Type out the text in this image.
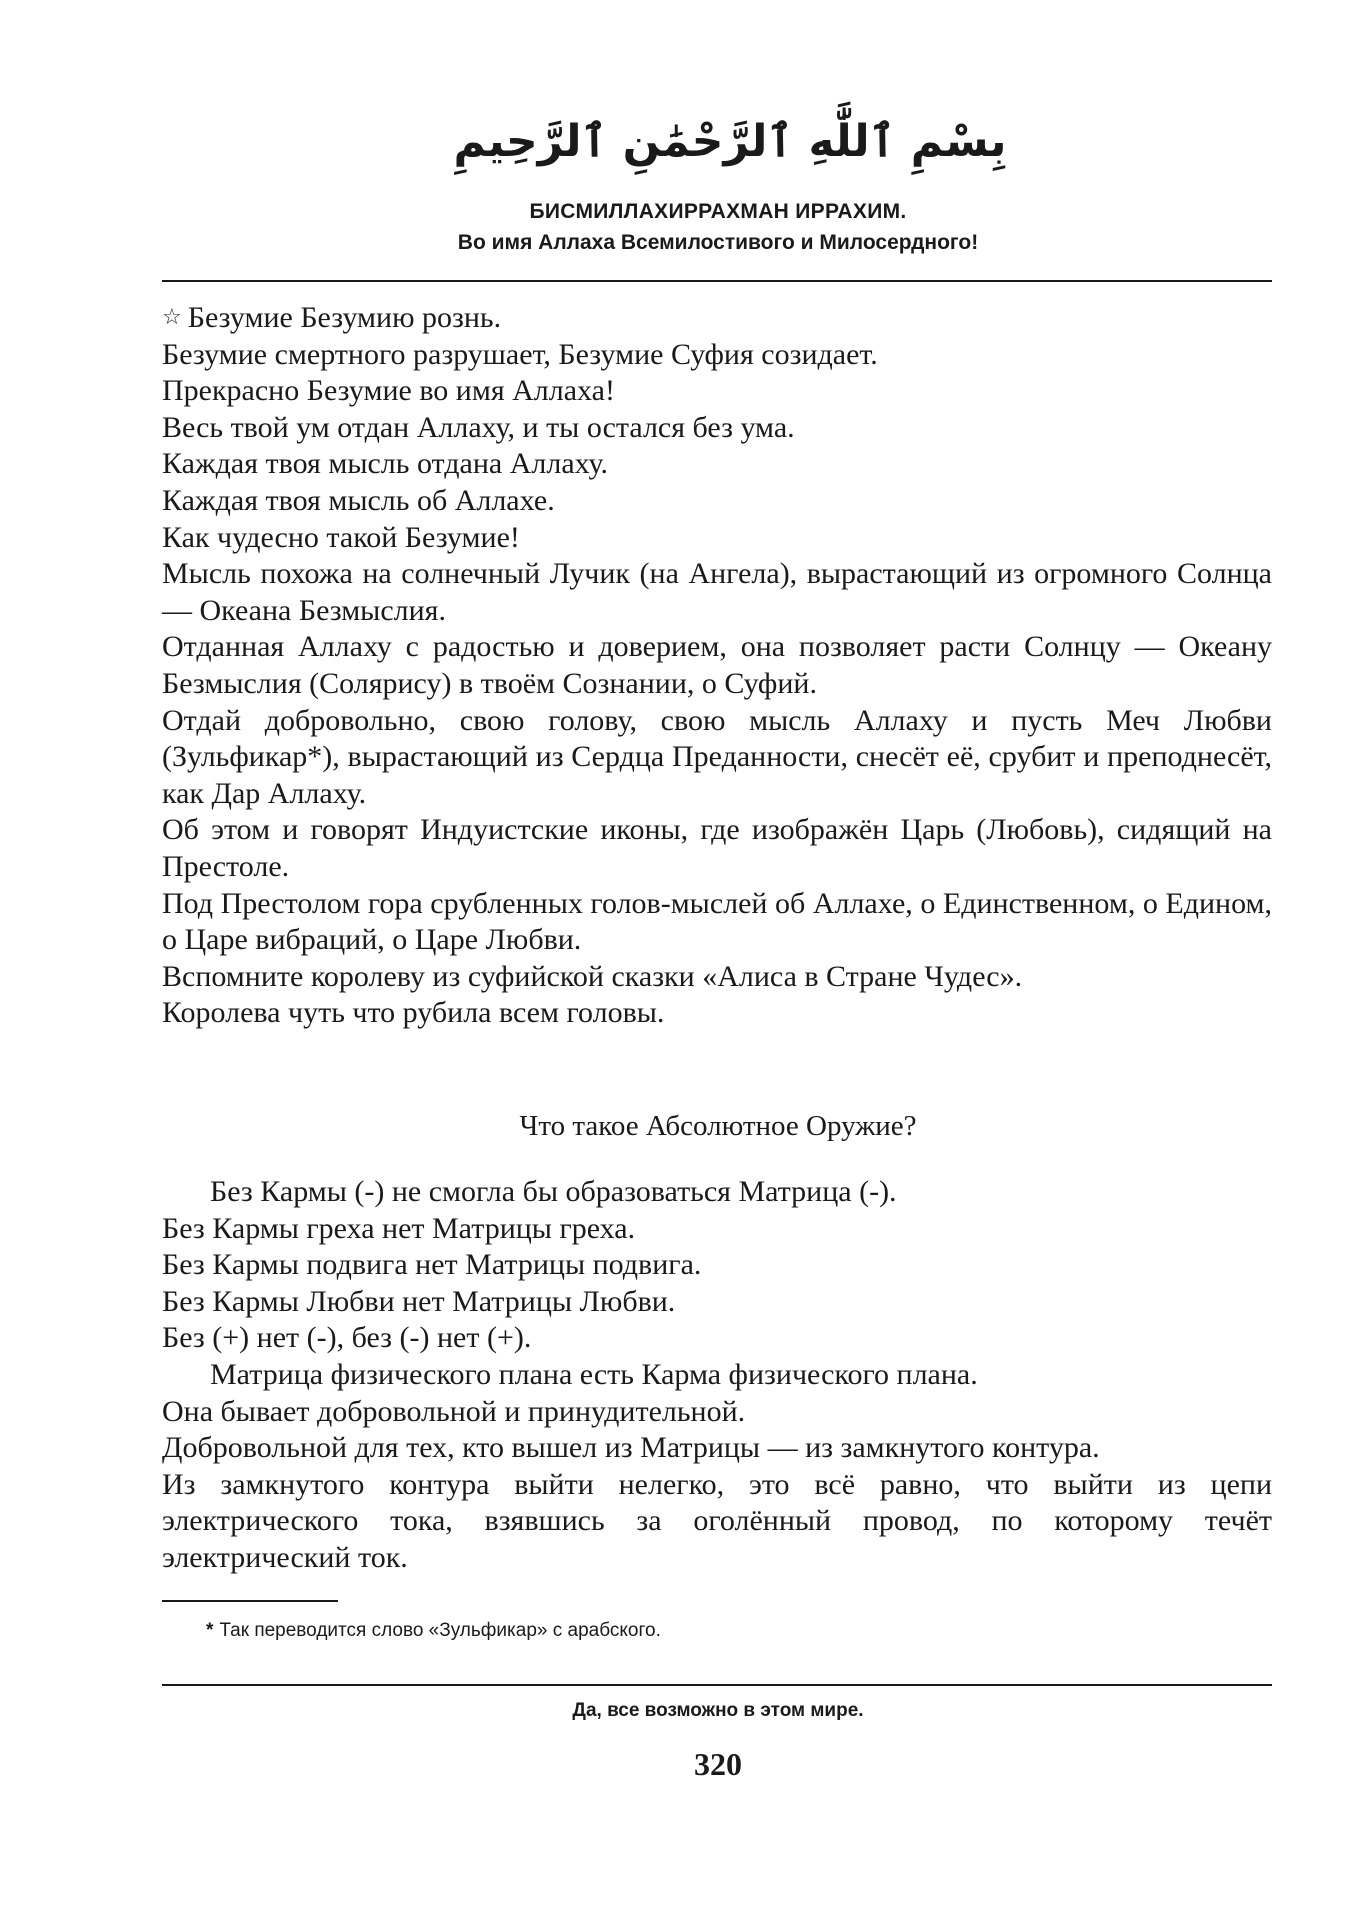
بِسْمِ ٱللَّٰهِ ٱلرَّحْمَٰنِ ٱلرَّحِيمِ
БИСМИЛЛАХИРРАХМАН ИРРАХИМ.
Во имя Аллаха Всемилостивого и Милосердного!

☆ Безумие Безумию рознь.

Безумие смертного разрушает, Безумие Суфия созидает.

Прекрасно Безумие во имя Аллаха!

Весь твой ум отдан Аллаху, и ты остался без ума.

Каждая твоя мысль отдана Аллаху.

Каждая твоя мысль об Аллахе.

Как чудесно такой Безумие!

Мысль похожа на солнечный Лучик (на Ангела), вырастающий из огромного Солнца — Океана Безмыслия.

Отданная Аллаху с радостью и доверием, она позволяет расти Солнцу — Океану Безмыслия (Солярису) в твоём Сознании, о Суфий.

Отдай добровольно, свою голову, свою мысль Аллаху и пусть Меч Любви (Зульфикар*), вырастающий из Сердца Преданности, снесёт её, срубит и преподнесёт, как Дар Аллаху.

Об этом и говорят Индуистские иконы, где изображён Царь (Любовь), сидящий на Престоле.

Под Престолом гора срубленных голов-мыслей об Аллахе, о Единственном, о Едином, о Царе вибраций, о Царе Любви.

Вспомните королеву из суфийской сказки «Алиса в Стране Чудес».

Королева чуть что рубила всем головы.

Что такое Абсолютное Оружие?

Без Кармы (-) не смогла бы образоваться Матрица (-).

Без Кармы греха нет Матрицы греха.

Без Кармы подвига нет Матрицы подвига.

Без Кармы Любви нет Матрицы Любви.

Без (+) нет (-), без (-) нет (+).

Матрица физического плана есть Карма физического плана.

Она бывает добровольной и принудительной.

Добровольной для тех, кто вышел из Матрицы — из замкнутого контура.

Из замкнутого контура выйти нелегко, это всё равно, что выйти из цепи электрического тока, взявшись за оголённый провод, по которому течёт электрический ток.

* Так переводится слово «Зульфикар» с арабского.
Да, все возможно в этом мире.
320
